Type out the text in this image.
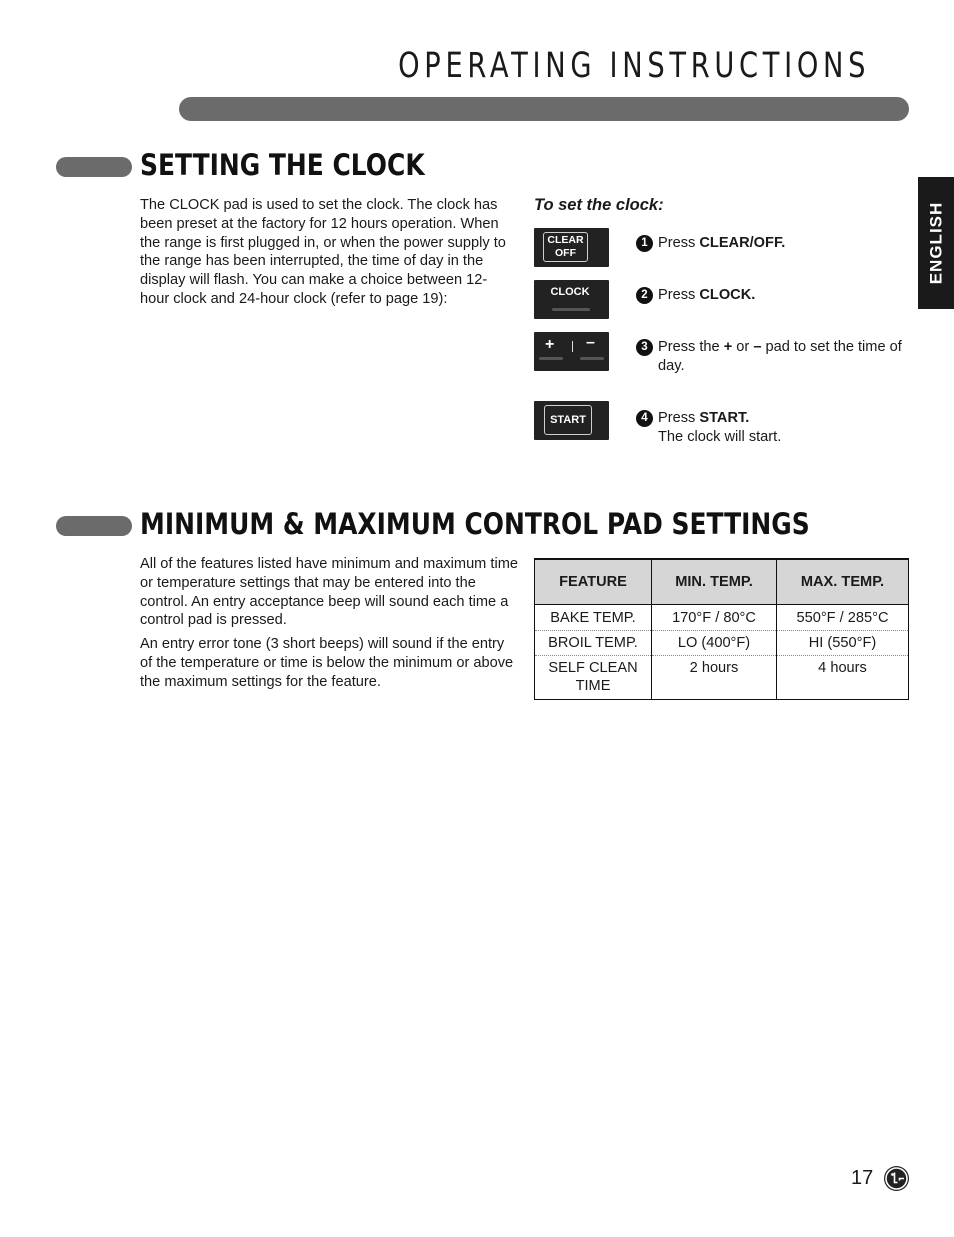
OPERATING INSTRUCTIONS
ENGLISH
SETTING THE CLOCK

The CLOCK pad is used to set the clock. The clock has been preset at the factory for 12 hours operation. When the range is first plugged in, or when the power supply to the range has been interrupted, the time of day in the display will flash. You can make a choice between 12-hour clock and 24-hour clock (refer to page 19):

To set the clock:
CLEAR
OFF
CLOCK
+ –
START
1 Press CLEAR/OFF.
2 Press CLOCK.
3 Press the + or – pad to set the time of day.
4 Press START.
The clock will start.
MINIMUM & MAXIMUM CONTROL PAD SETTINGS

All of the features listed have minimum and maximum time or temperature settings that may be entered into the control. An entry acceptance beep will sound each time a control pad is pressed.

An entry error tone (3 short beeps) will sound if the entry of the temperature or time is below the minimum or above the maximum settings for the feature.

FEATURE	MIN. TEMP.	MAX. TEMP.
BAKE TEMP.	170°F / 80°C	550°F / 285°C
BROIL TEMP.	LO (400°F)	HI (550°F)
SELF CLEAN TIME	2 hours	4 hours
17
